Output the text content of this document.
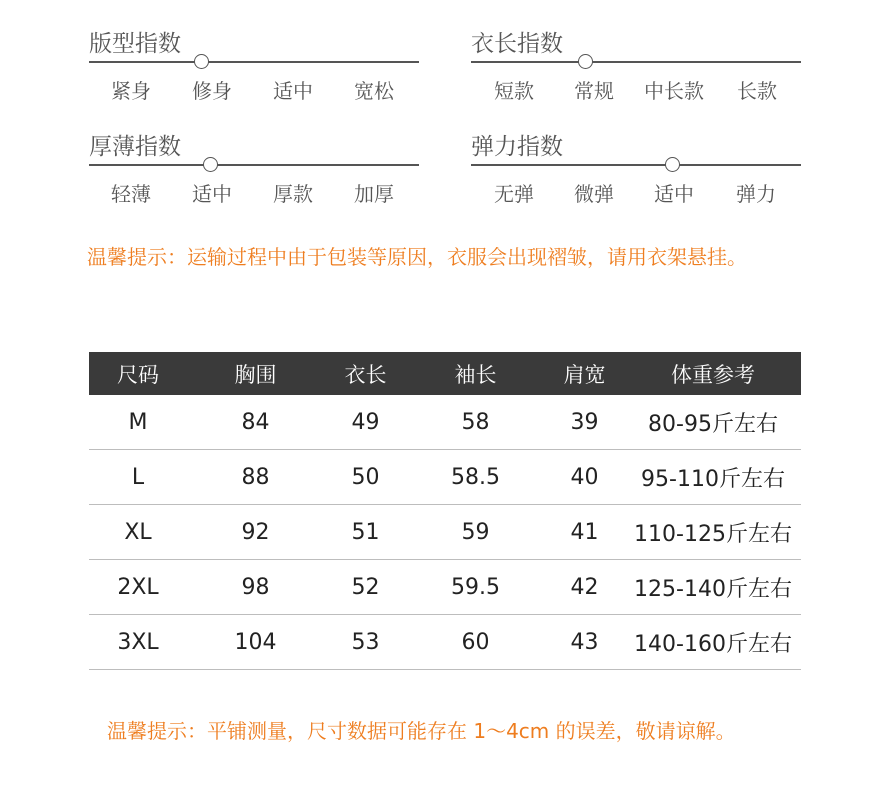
版型指数
紧身	修身	适中	宽松
衣长指数
短款	常规	中长款	长款
厚薄指数
轻薄	适中	厚款	加厚
弹力指数
无弹	微弹	适中	弹力
温馨提示：运输过程中由于包装等原因，衣服会出现褶皱，请用衣架悬挂。
尺码	胸围	衣长	袖长	肩宽	体重参考
M	84	49	58	39	80-95斤左右
L	88	50	58.5	40	95-110斤左右
XL	92	51	59	41	110-125斤左右
2XL	98	52	59.5	42	125-140斤左右
3XL	104	53	60	43	140-160斤左右
温馨提示：平铺测量，尺寸数据可能存在 1～4cm 的误差，敬请谅解。
